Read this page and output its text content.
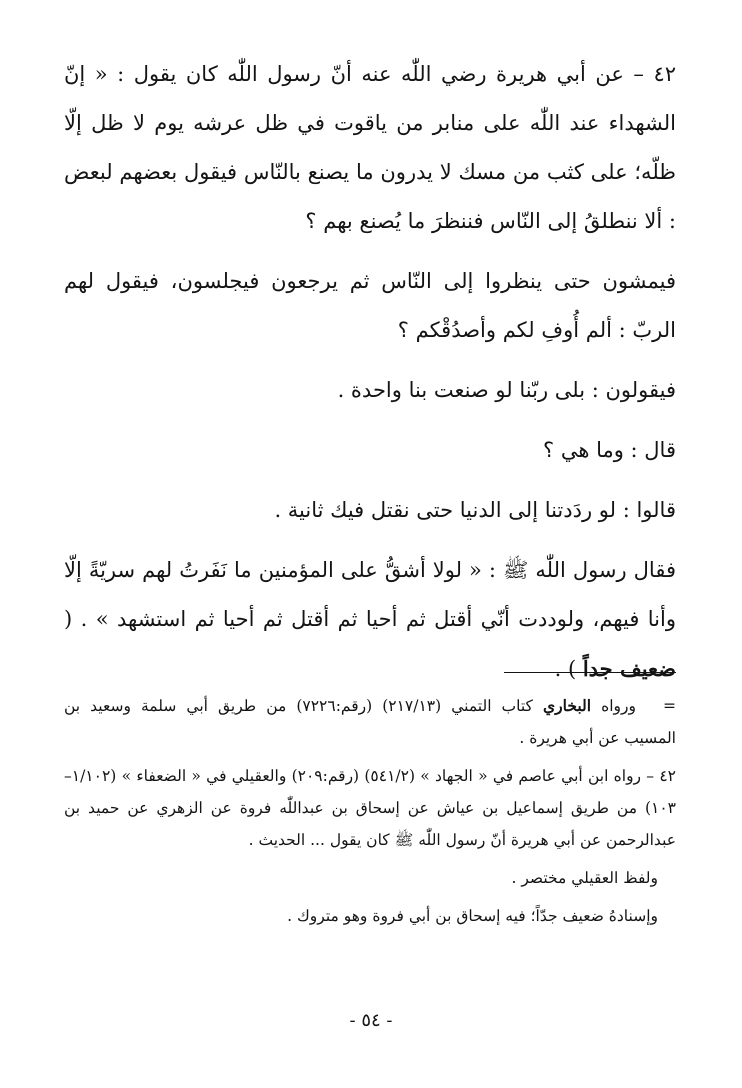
٤٢ – عن أبي هريرة رضي اللّٰه عنه أنّ رسول اللّٰه كان يقول : « إنّ الشهداء عند اللّٰه على منابر من ياقوت في ظل عرشه يوم لا ظل إلّا ظلّه؛ على كثب من مسك لا يدرون ما يصنع بالنّاس فيقول بعضهم لبعض : ألا ننطلقُ إلى النّاس فننظرَ ما يُصنع بهم ؟

فيمشون حتى ينظروا إلى النّاس ثم يرجعون فيجلسون، فيقول لهم الربّ : ألم أُوفِ لكم وأصدُقْكم ؟

فيقولون : بلى ربّنا لو صنعت بنا واحدة .

قال : وما هي ؟

قالوا : لو ردَدتنا إلى الدنيا حتى نقتل فيك ثانية .

فقال رسول اللّٰه ﷺ : « لولا أشقُّ على المؤمنين ما نَفَرتُ لهم سريّةً إلّا وأنا فيهم، ولوددت أنّي أقتل ثم أحيا ثم أقتل ثم أحيا ثم استشهد » . ( ضعيف جداً ) .

=ورواه البخاري كتاب التمني (٢١٧/١٣) (رقم:٧٢٢٦) من طريق أبي سلمة وسعيد بن المسيب عن أبي هريرة .

٤٢ – رواه ابن أبي عاصم في « الجهاد » (٥٤١/٢) (رقم:٢٠٩) والعقيلي في « الضعفاء » (١/١٠٢–١٠٣) من طريق إسماعيل بن عياش عن إسحاق بن عبداللّٰه فروة عن الزهري عن حميد بن عبدالرحمن عن أبي هريرة أنّ رسول اللّٰه ﷺ كان يقول ... الحديث .

ولفظ العقيلي مختصر .

وإسنادهُ ضعيف جدّاً؛ فيه إسحاق بن أبي فروة وهو متروك .

- ٥٤ -
